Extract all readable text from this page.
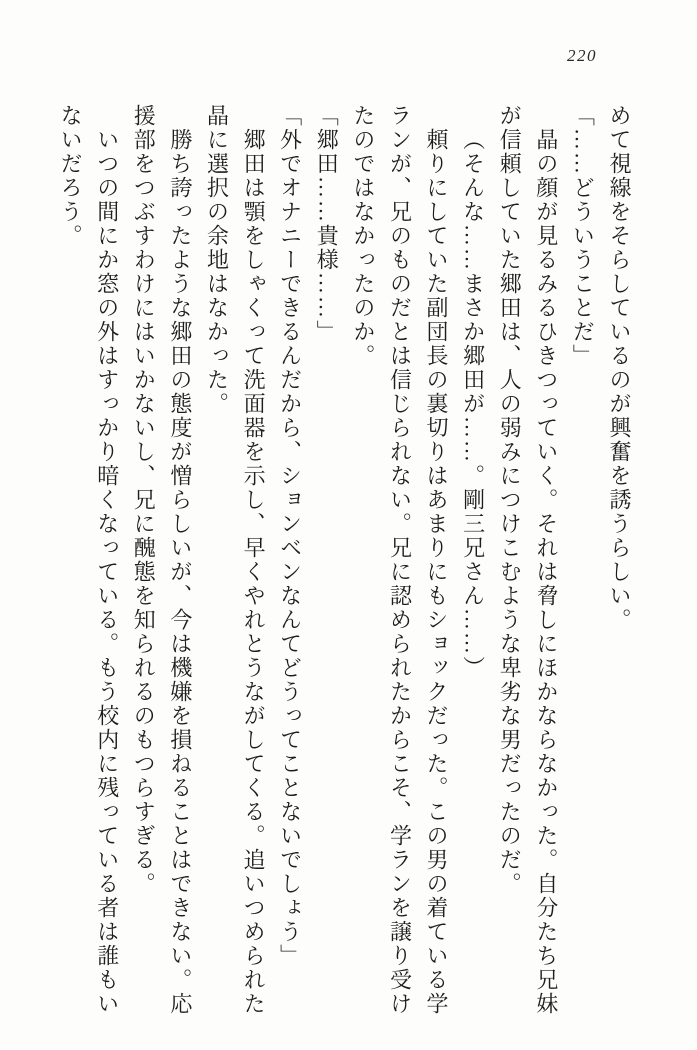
220

めて視線をそらしているのが興奮を誘うらしい。

「……どういうことだ」

晶の顔が見るみるひきつっていく。それは脅しにほかならなかった。自分たち兄妹が信頼していた郷田は、人の弱みにつけこむような卑劣な男だったのだ。

（そんな……まさか郷田が……。剛三兄さん……）

頼りにしていた副団長の裏切りはあまりにもショックだった。この男の着ている学ランが、兄のものだとは信じられない。兄に認められたからこそ、学ランを譲り受けたのではなかったのか。

「郷田……貴様……」

「外でオナニーできるんだから、ションベンなんてどうってことないでしょう」

郷田は顎をしゃくって洗面器を示し、早くやれとうながしてくる。追いつめられた晶に選択の余地はなかった。

勝ち誇ったような郷田の態度が憎らしいが、今は機嫌を損ねることはできない。応援部をつぶすわけにはいかないし、兄に醜態を知られるのもつらすぎる。

いつの間にか窓の外はすっかり暗くなっている。もう校内に残っている者は誰もいないだろう。
